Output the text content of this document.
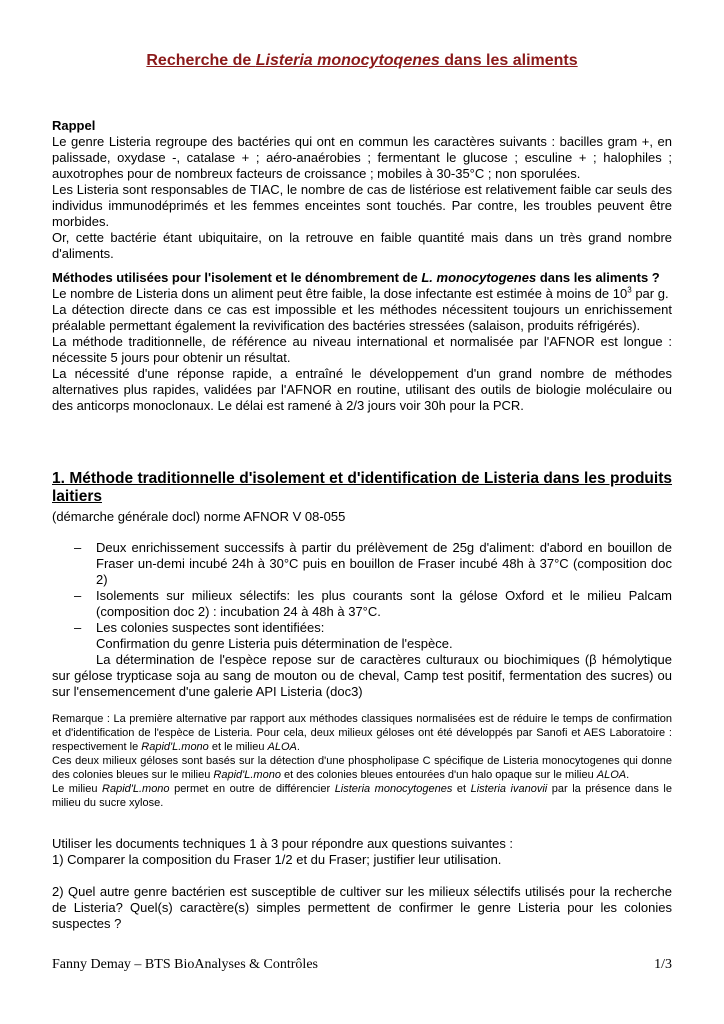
Recherche de Listeria monocytoqenes dans les aliments

Rappel

Le genre Listeria regroupe des bactéries qui ont en commun les caractères suivants : bacilles gram +, en palissade, oxydase -, catalase + ; aéro-anaérobies ; fermentant le glucose ; esculine + ; halophiles ; auxotrophes pour de nombreux facteurs de croissance ; mobiles à 30-35°C ; non sporulées.

Les Listeria sont responsables de TIAC, le nombre de cas de listériose est relativement faible car seuls des individus immunodéprimés et les femmes enceintes sont touchés. Par contre, les troubles peuvent être morbides.

Or, cette bactérie étant ubiquitaire, on la retrouve en faible quantité mais dans un très grand nombre d'aliments.

Méthodes utilisées pour l'isolement et le dénombrement de L. monocytogenes dans les aliments ?

Le nombre de Listeria dons un aliment peut être faible, la dose infectante est estimée à moins de $10^3$ par g.

La détection directe dans ce cas est impossible et les méthodes nécessitent toujours un enrichissement préalable permettant également la revivification des bactéries stressées (salaison, produits réfrigérés).

La méthode traditionnelle, de référence au niveau international et normalisée par l'AFNOR est longue : nécessite 5 jours pour obtenir un résultat.

La nécessité d'une réponse rapide, a entraîné le développement d'un grand nombre de méthodes alternatives plus rapides, validées par l'AFNOR en routine, utilisant des outils de biologie moléculaire ou des anticorps monoclonaux. Le délai est ramené à 2/3 jours voir 30h pour la PCR.

1. Méthode traditionnelle d'isolement et d'identification de Listeria dans les produits laitiers
(démarche générale docl) norme AFNOR V 08-055
– Deux enrichissement successifs à partir du prélèvement de 25g d'aliment: d'abord en bouillon de Fraser un-demi incubé 24h à 30°C puis en bouillon de Fraser incubé 48h à 37°C (composition doc 2)
– Isolements sur milieux sélectifs: les plus courants sont la gélose Oxford et le milieu Palcam (composition doc 2) : incubation 24 à 48h à 37°C.
– Les colonies suspectes sont identifiées:
Confirmation du genre Listeria puis détermination de l'espèce.

La détermination de l'espèce repose sur de caractères culturaux ou biochimiques (β hémolytique sur gélose trypticase soja au sang de mouton ou de cheval, Camp test positif, fermentation des sucres) ou sur l'ensemencement d'une galerie API Listeria (doc3)

Remarque : La première alternative par rapport aux méthodes classiques normalisées est de réduire le temps de confirmation et d'identification de l'espèce de Listeria. Pour cela, deux milieux géloses ont été développés par Sanofi et AES Laboratoire : respectivement le Rapid'L.mono et le milieu ALOA.

Ces deux milieux géloses sont basés sur la détection d'une phospholipase C spécifique de Listeria monocytogenes qui donne des colonies bleues sur le milieu Rapid'L.mono et des colonies bleues entourées d'un halo opaque sur le milieu ALOA.

Le milieu Rapid'L.mono permet en outre de différencier Listeria monocytogenes et Listeria ivanovii par la présence dans le milieu du sucre xylose.

Utiliser les documents techniques 1 à 3 pour répondre aux questions suivantes :

1) Comparer la composition du Fraser 1/2 et du Fraser; justifier leur utilisation.

2) Quel autre genre bactérien est susceptible de cultiver sur les milieux sélectifs utilisés pour la recherche de Listeria? Quel(s) caractère(s) simples permettent de confirmer le genre Listeria pour les colonies suspectes ?

Fanny Demay – BTS BioAnalyses & Contrôles	1/3
